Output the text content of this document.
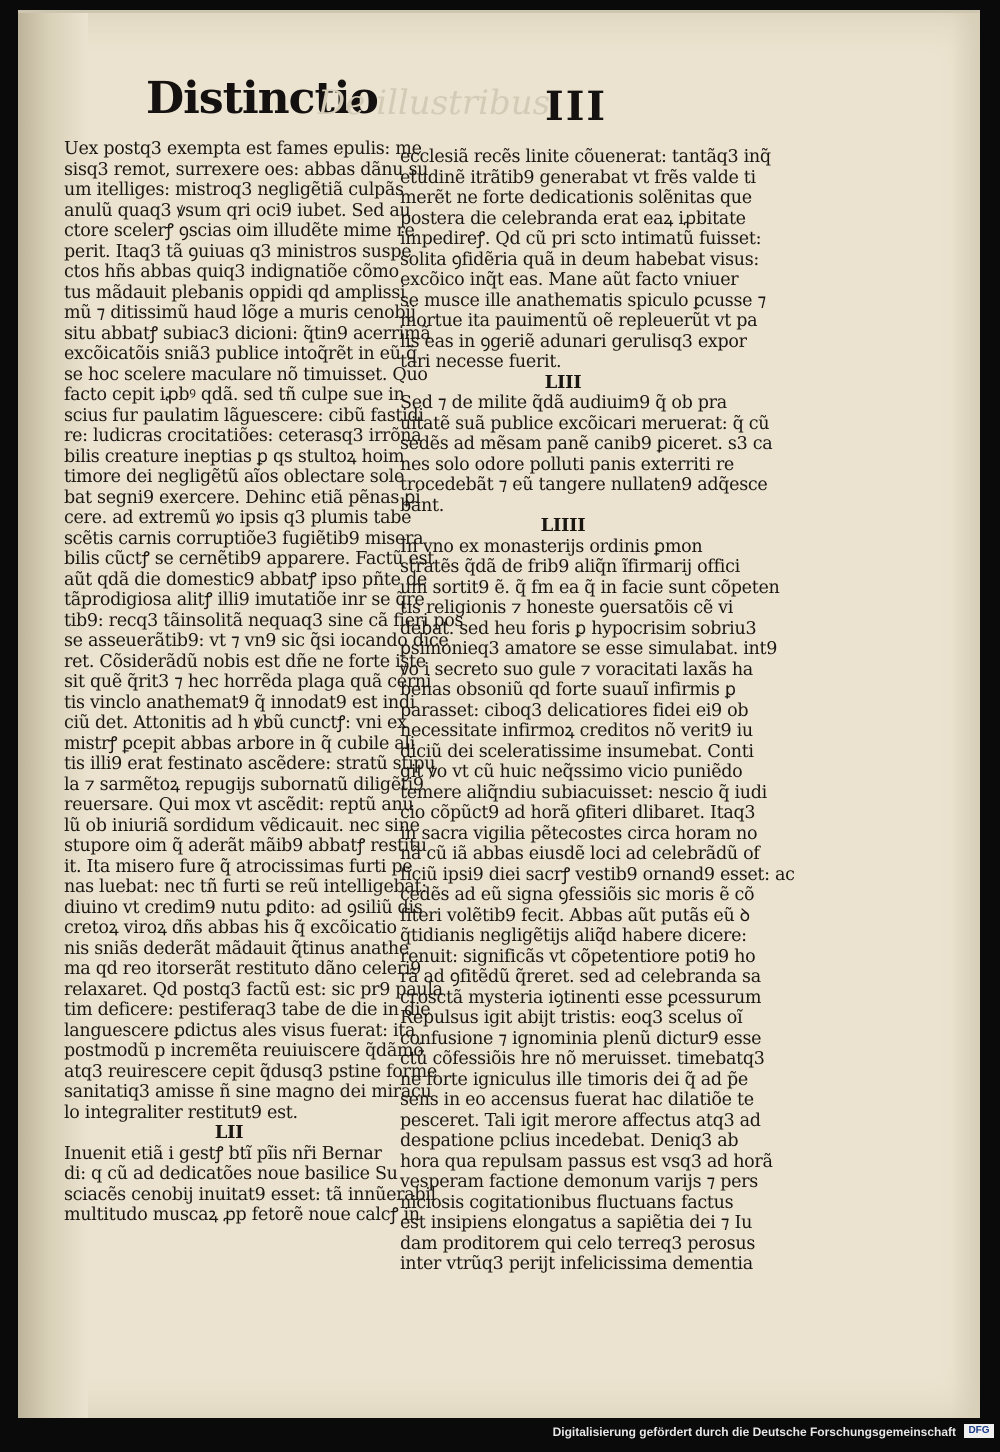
Distinctio
De illustribus
III

Uex postq3 exempta est fames epulis: me

sisq3 remot, surrexere oes: abbas dãnu su

um itelliges: mistroq3 negligẽtiã culpãs

anulũ quaq3 ꝟsum qri oci9 iubet. Sed au

ctore scelerꝭ ꝯscias oim illudẽte mime re

perit. Itaq3 tã ꝯuiuas q3 ministros suspe

ctos hñs abbas quiq3 indignatiõe cõmo

tus mãdauit plebanis oppidi qd amplissi

mũ ⁊ ditissimũ haud lõge a muris cenobij

situ abbatꝭ subiac3 dicioni: q̃tin9 acerrimã

excõicatõis sniã3 publice intoq̃rẽt in eũ q̃

se hoc scelere maculare nõ timuisset. Quo

facto cepit iꝓbꝰ qdã. sed tñ culpe sue in

scius fur paulatim lãguescere: cibũ fastidi

re: ludicras crocitatiões: ceterasq3 irrõna

bilis creature ineptias ꝑ qs stultoꝝ hoim

timore dei negligẽtũ aĩos oblectare sole

bat segni9 exercere. Dehinc etiã pẽnas ꝑi

cere. ad extremũ ꝟo ipsis q3 plumis tabe

scẽtis carnis corruptiõe3 fugiẽtib9 misera

bilis cũctꝭ se cernẽtib9 apparere. Factũ est

aũt qdã die domestic9 abbatꝭ ipso pñte de

tãprodigiosa alitꝭ illi9 imutatiõe inr se q̃re

tib9: recq3 tãinsolitã nequaq3 sine cã fieri pos

se asseuerãtib9: vt ⁊ vn9 sic q̃si iocando dice

ret. Cõsiderãdũ nobis est dñe ne forte iste

sit quẽ q̃rit3 ⁊ hec horrẽda plaga quã cerni

tis vinclo anathemat9 q̃ innodat9 est indi

ciũ det. Attonitis ad h ꝟbũ cunctꝭ: vni ex

mistrꝭ ꝑcepit abbas arbore in q̃ cubile ali

tis illi9 erat festinato ascẽdere: stratũ stipu

la ⁊ sarmẽtoꝝ repugijs subornatũ diligẽti9

reuersare. Qui mox vt ascẽdit: reptũ anu

lũ ob iniuriã sordidum vẽdicauit. nec sine

stupore oim q̃ aderãt mãib9 abbatꝭ restitu

it. Ita misero fure q̃ atrocissimas furti pe

nas luebat: nec tñ furti se reũ intelligebat:

diuino vt credim9 nutu ꝑdito: ad ꝯsiliũ dis

cretoꝝ viroꝝ dñs abbas his q̃ excõicatio

nis sniãs dederãt mãdauit q̃tinus anathe

ma qd reo itorserãt restituto dãno celeri9

relaxaret. Qd postq3 factũ est: sic pr9 paula

tim deficere: pestiferaq3 tabe de die in die

languescere ꝑdictus ales visus fuerat: ita

postmodũ p incremẽta reuiuiscere q̃dãmõ

atq3 reuirescere cepit q̃dusq3 pstine forme

sanitatiq3 amisse ñ sine magno dei miracu

lo integraliter restitut9 est.

LII

Inuenit etiã i gestꝭ btĩ pĩis nr̃i Bernar

di: q cũ ad dedicatões noue basilice Su

sciacẽs cenobij inuitat9 esset: tã innũerabil

multitudo muscaꝝ ꝓp fetorẽ noue calcꝭ in

ecclesiã recẽs linite cõuenerat: tantãq3 inq̃

etudinẽ itrãtib9 generabat vt frẽs valde ti

merẽt ne forte dedicationis solẽnitas que

postera die celebranda erat eaꝝ iꝓbitate

impedireꝭ. Qd cũ pri scto intimatũ fuisset:

solita ꝯfidẽria quã in deum habebat visus:

excõico inq̃t eas. Mane aũt facto vniuer

se musce ille anathematis spiculo ꝑcusse ⁊

mortue ita pauimentũ oẽ repleuerũt vt pa

lis eas in ꝯgeriẽ adunari gerulisq3 expor

tari necesse fuerit.

LIII

Sed ⁊ de milite q̃dã audiuim9 q̃ ob pra

uitatẽ suã publice excõicari meruerat: q̃ cũ

sedẽs ad mẽsam panẽ canib9 ꝑiceret. s3 ca

nes solo odore polluti panis exterriti re

trocedebãt ⁊ eũ tangere nullaten9 adq̃esce

bant.

LIIII

In vno ex monasterijs ordinis ꝑmon

stratẽs q̃dã de frib9 aliq̃n ĩfirmarij offici

um sortit9 ẽ. q̃ fm ea q̃ in facie sunt cõpeten

tis religionis ⁊ honeste ꝯuersatõis cẽ vi

debat. sed heu foris ꝑ hypocrisim sobriu3

ꝑsimonieq3 amatore se esse simulabat. int9

ꝟo i secreto suo gule ⁊ voracitati laxãs ha

benas obsoniũ qd forte suauĩ infirmis ꝑ

parasset: ciboq3 delicatiores fidei ei9 ob

necessitate infirmoꝝ creditos nõ verit9 iu

diciũ dei sceleratissime insumebat. Conti

git ꝟo vt cũ huic neq̃ssimo vicio puniẽdo

temere aliq̃ndiu subiacuisset: nescio q̃ iudi

cio cõpũct9 ad horã ꝯfiteri dlibaret. Itaq3

in sacra vigilia pẽtecostes circa horam no

nã cũ iã abbas eiusdẽ loci ad celebrãdũ of

ficiũ ipsi9 diei sacrꝭ vestib9 ornand9 esset: ac

cedẽs ad eũ signa ꝯfessiõis sic moris ẽ cõ

fiteri volẽtib9 fecit. Abbas aũt putãs eũ ꝺ

q̃tidianis negligẽtijs aliq̃d habere dicere:

renuit: significãs vt cõpetentiore poti9 ho

rã ad ꝯfitẽdũ q̃reret. sed ad celebranda sa

crosctã mysteria iꝯtinenti esse ꝑcessurum

Repulsus igit abijt tristis: eoq3 scelus oĩ

confusione ⁊ ignominia plenũ dictur9 esse

ctũ cõfessiõis hre nõ meruisset. timebatq3

ne forte igniculus ille timoris dei q̃ ad p̃e

sens in eo accensus fuerat hac dilatiõe te

pesceret. Tali igit merore affectus atq3 ad

despatione pclius incedebat. Deniq3 ab

hora qua repulsam passus est vsq3 ad horã

vesperam factione demonum varijs ⁊ pers

niciosis cogitationibus fluctuans factus

est insipiens elongatus a sapiẽtia dei ⁊ Iu

dam proditorem qui celo terreq3 perosus

inter vtrũq3 perijt infelicissima dementia

Digitalisierung gefördert durch die Deutsche Forschungsgemeinschaft	DFG
